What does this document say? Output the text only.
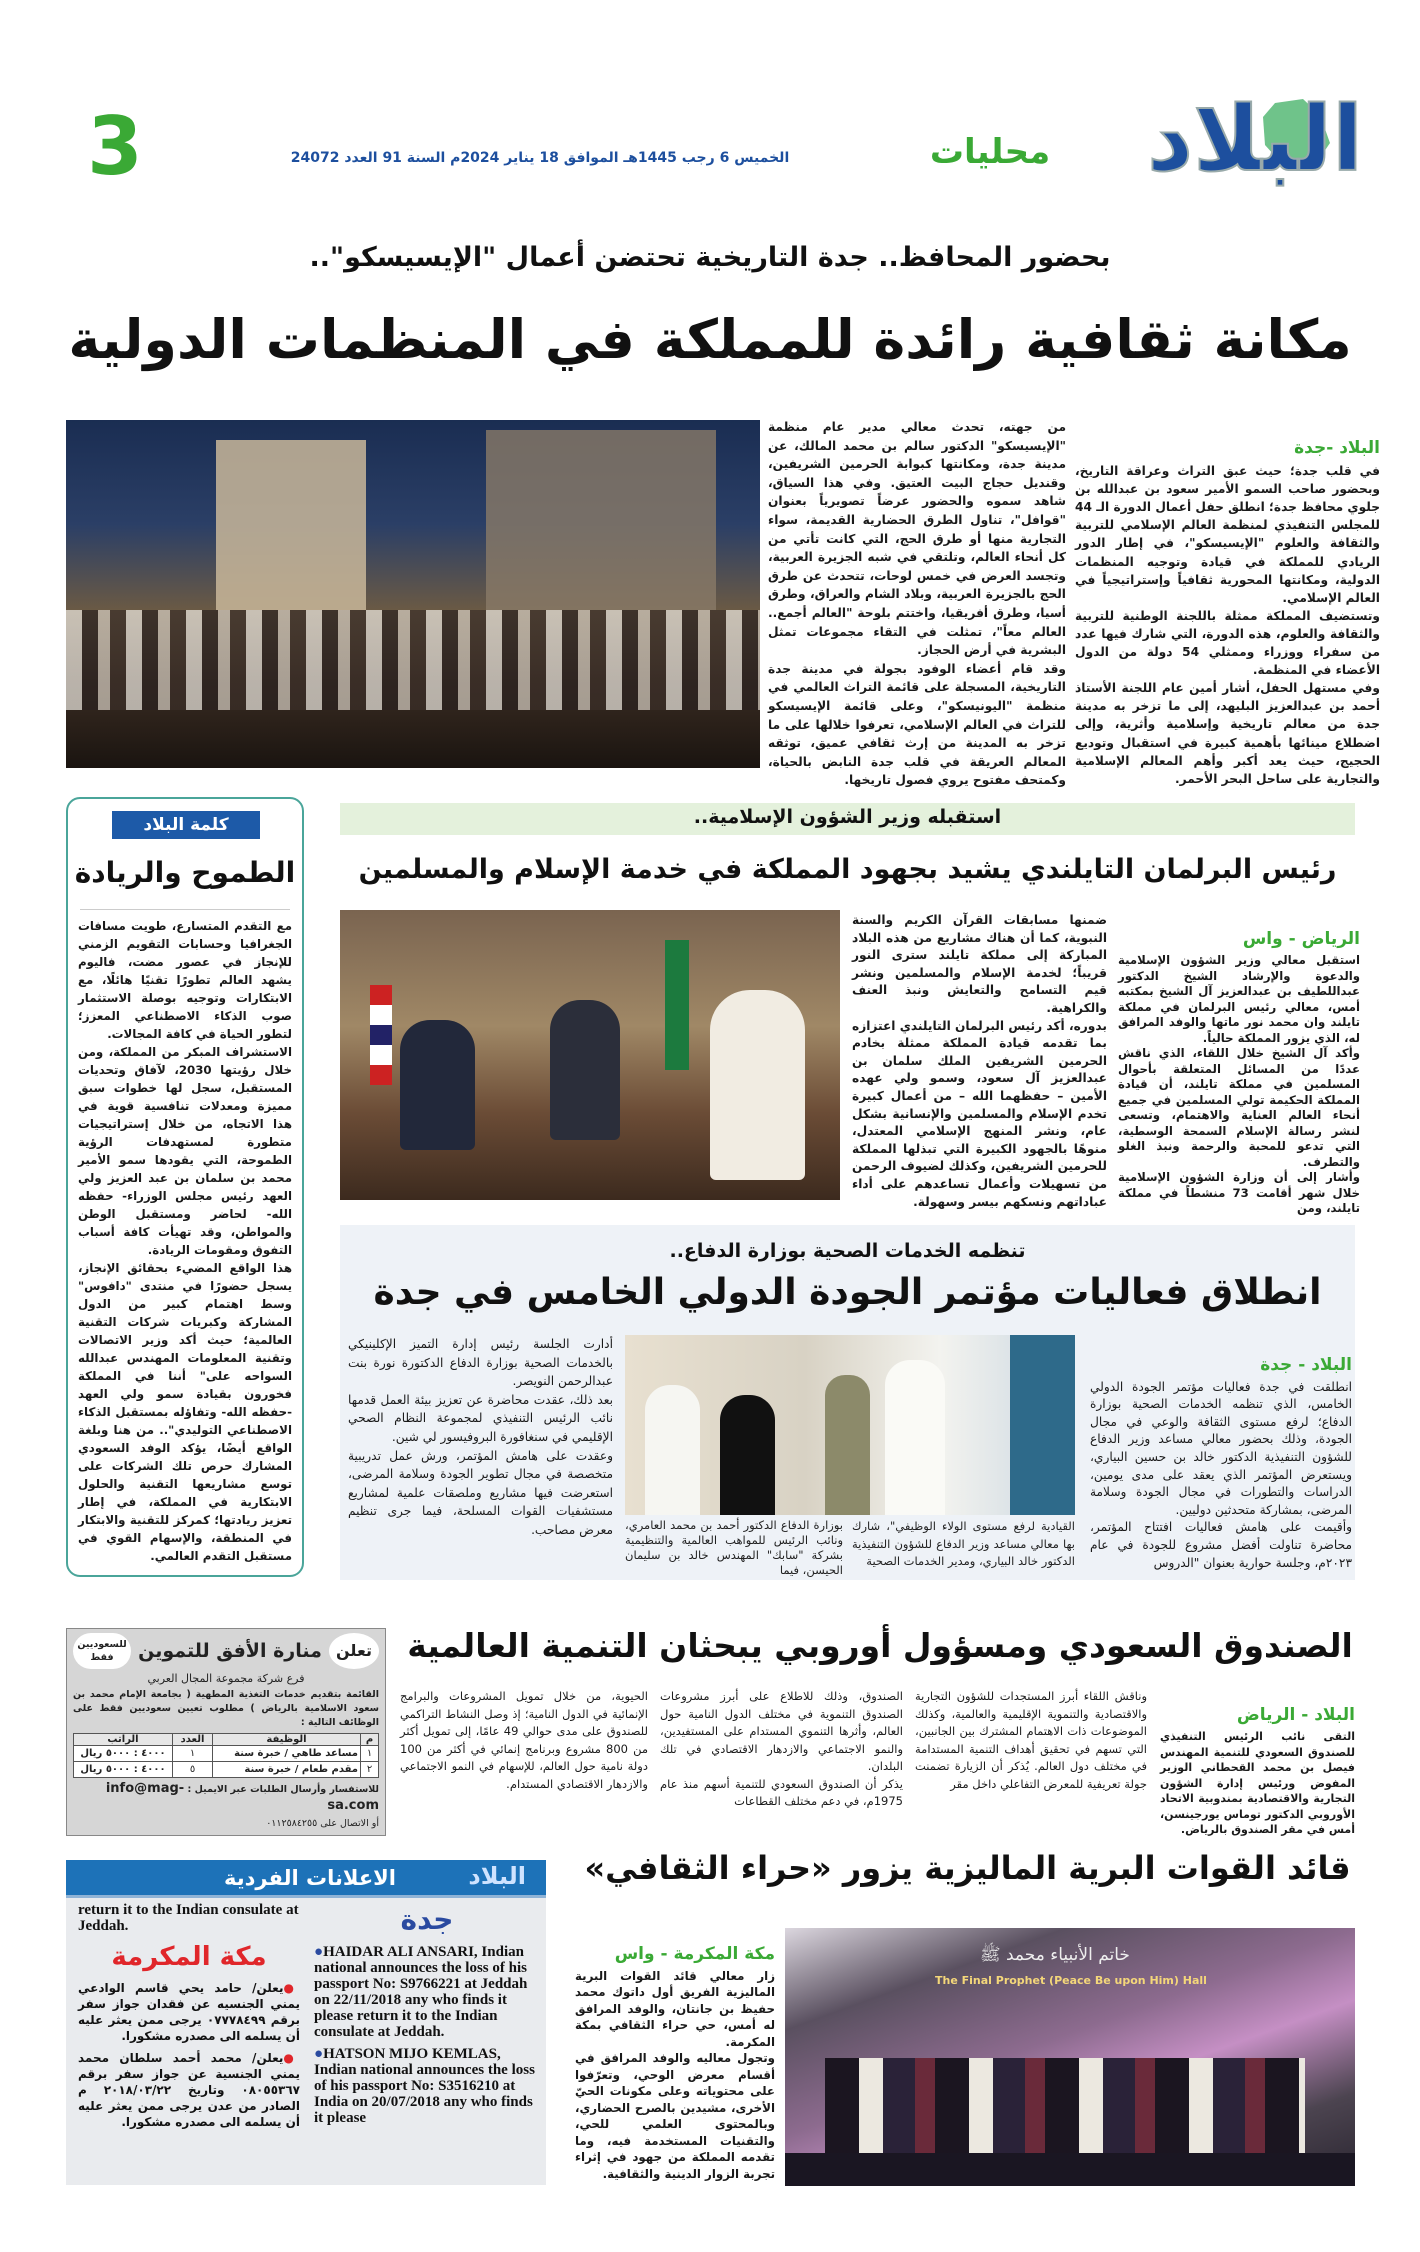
البلاد
محليات
الخميس 6 رجب 1445هـ الموافق 18 يناير 2024م السنة 91 العدد 24072
3
بحضور المحافظ.. جدة التاريخية تحتضن أعمال "الإيسيسكو"..
مكانة ثقافية رائدة للمملكة في المنظمات الدولية

البلاد -جدة
في قلب جدة؛ حيث عبق التراث وعراقة التاريخ، وبحضور صاحب السمو الأمير سعود بن عبدالله بن جلوي محافظ جدة؛ انطلق حفل أعمال الدورة الـ 44 للمجلس التنفيذي لمنظمة العالم الإسلامي للتربية والثقافة والعلوم "الإيسيسكو"، في إطار الدور الريادي للمملكة في قيادة وتوجيه المنظمات الدولية، ومكانتها المحورية ثقافياً وإستراتيجياً في العالم الإسلامي.
وتستضيف المملكة ممثلة باللجنة الوطنية للتربية والثقافة والعلوم، هذه الدورة، التي شارك فيها عدد من سفراء ووزراء وممثلي 54 دولة من الدول الأعضاء في المنظمة.
وفي مستهل الحفل، أشار أمين عام اللجنة الأستاذ أحمد بن عبدالعزيز البليهد، إلى ما تزخر به مدينة جدة من معالم تاريخية وإسلامية وأثرية، وإلى اضطلاع مينائها بأهمية كبيرة في استقبال وتوديع الحجيج، حيث يعد أكبر وأهم المعالم الإسلامية والتجارية على ساحل البحر الأحمر.

من جهته، تحدث معالي مدير عام منظمة "الإيسيسكو" الدكتور سالم بن محمد المالك، عن مدينة جدة، ومكانتها كبوابة الحرمين الشريفين، وقنديل حجاج البيت العتيق. وفي هذا السياق، شاهد سموه والحضور عرضاً تصويرياً بعنوان "قوافل"، تناول الطرق الحضارية القديمة، سواء التجارية منها أو طرق الحج، التي كانت تأتي من كل أنحاء العالم، وتلتقي في شبه الجزيرة العربية، وتجسد العرض في خمس لوحات، تتحدث عن طرق الحج بالجزيرة العربية، وبلاد الشام والعراق، وطرق أسيا، وطرق أفريقيا، واختتم بلوحة "العالم أجمع.. العالم معاً"، تمثلت في التقاء مجموعات تمثل البشرية في أرض الحجاز.
وقد قام أعضاء الوفود بجولة في مدينة جدة التاريخية، المسجلة على قائمة التراث العالمي في منظمة "اليونيسكو"، وعلى قائمة الإيسيسكو للتراث في العالم الإسلامي، تعرفوا خلالها على ما تزخر به المدينة من إرث ثقافي عميق، توثقه المعالم العريقة في قلب جدة النابض بالحياة، وكمتحف مفتوح يروي فصول تاريخها.
كلمة البلاد
الطموح والريادة
مع التقدم المتسارع، طويت مسافات الجغرافيا وحسابات التقويم الزمني للإنجاز في عصور مضت، فاليوم يشهد العالم تطورًا تقنيًا هائلًا، مع الابتكارات وتوجيه بوصلة الاستثمار صوب الذكاء الاصطناعي المعزز؛ لتطور الحياة في كافة المجالات.
الاستشراف المبكر من المملكة، ومن خلال رؤيتها 2030، لآفاق وتحديات المستقبل، سجل لها خطوات سبق مميزة ومعدلات تنافسية قوية في هذا الاتجاه، من خلال إستراتيجيات متطورة لمستهدفات الرؤية الطموحة، التي يقودها سمو الأمير محمد بن سلمان بن عبد العزيز ولي العهد رئيس مجلس الوزراء- حفظه الله- لحاضر ومستقبل الوطن والمواطن، وقد تهيأت كافة أسباب التفوق ومقومات الريادة.
هذا الواقع المضيء بحقائق الإنجاز، يسجل حضورًا في منتدى "دافوس" وسط اهتمام كبير من الدول المشاركة وكبريات شركات التقنية العالمية؛ حيث أكد وزير الاتصالات وتقنية المعلومات المهندس عبدالله السواحه على" أننا في المملكة فخورون بقيادة سمو ولي العهد -حفظه الله- وتفاؤله بمستقبل الذكاء الاصطناعي التوليدي".. من هنا وبلغة الواقع أيضًا، يؤكد الوفد السعودي المشارك حرص تلك الشركات على توسع مشاريعها التقنية والحلول الابتكارية في المملكة، في إطار تعزيز ريادتها؛ كمركز للتقنية والابتكار في المنطقة، والإسهام القوي في مستقبل التقدم العالمي.
استقبله وزير الشؤون الإسلامية..
رئيس البرلمان التايلندي يشيد بجهود المملكة في خدمة الإسلام والمسلمين

الرياض - واس
استقبل معالي وزير الشؤون الإسلامية والدعوة والإرشاد الشيخ الدكتور عبداللطيف بن عبدالعزيز آل الشيخ بمكتبه أمس، معالي رئيس البرلمان في مملكة تايلند وان محمد نور ماتها والوفد المرافق له، الذي يزور المملكة حالياً.
وأكد آل الشيخ خلال اللقاء، الذي ناقش عددًا من المسائل المتعلقة بأحوال المسلمين في مملكة تايلند، أن قيادة المملكة الحكيمة تولي المسلمين في جميع أنحاء العالم العناية والاهتمام، وتسعى لنشر رسالة الإسلام السمحة الوسطية، التي تدعو للمحبة والرحمة ونبذ الغلو والتطرف.
وأشار إلى أن وزارة الشؤون الإسلامية خلال شهر أقامت 73 منشطاً في مملكة تايلند، ومن

ضمنها مسابقات القرآن الكريم والسنة النبوية، كما أن هناك مشاريع من هذه البلاد المباركة إلى مملكة تايلند سترى النور قريباً؛ لخدمة الإسلام والمسلمين ونشر قيم التسامح والتعايش ونبذ العنف والكراهية.
بدوره، أكد رئيس البرلمان التايلندي اعتزازه بما تقدمه قيادة المملكة ممثلة بخادم الحرمين الشريفين الملك سلمان بن عبدالعزيز آل سعود، وسمو ولي عهده الأمين – حفظهما الله – من أعمال كبيرة تخدم الإسلام والمسلمين والإنسانية بشكل عام، ونشر المنهج الإسلامي المعتدل، منوهًا بالجهود الكبيرة التي تبذلها المملكة للحرمين الشريفين، وكذلك لضيوف الرحمن من تسهيلات وأعمال تساعدهم على أداء عباداتهم ونسكهم بيسر وسهولة.
تنظمه الخدمات الصحية بوزارة الدفاع..
انطلاق فعاليات مؤتمر الجودة الدولي الخامس في جدة
القيادية لرفع مستوى الولاء الوظيفي"، شارك بها معالي مساعد وزير الدفاع للشؤون التنفيذية الدكتور خالد البياري، ومدير الخدمات الصحية
بوزارة الدفاع الدكتور أحمد بن محمد العامري، ونائب الرئيس للمواهب العالمية والتنظيمية بشركة "سابك" المهندس خالد بن سليمان الحيسن، فيما

البلاد - جدة
انطلقت في جدة فعاليات مؤتمر الجودة الدولي الخامس، الذي تنظمه الخدمات الصحية بوزارة الدفاع؛ لرفع مستوى الثقافة والوعي في مجال الجودة، وذلك بحضور معالي مساعد وزير الدفاع للشؤون التنفيذية الدكتور خالد بن حسين البياري، ويستعرض المؤتمر الذي يعقد على مدى يومين، الدراسات والتطورات في مجال الجودة وسلامة المرضى، بمشاركة متحدثين دوليين.
وأقيمت على هامش فعاليات افتتاح المؤتمر، محاضرة تناولت أفضل مشروع للجودة في عام ٢٠٢٣م، وجلسة حوارية بعنوان "الدروس

أدارت الجلسة رئيس إدارة التميز الإكلينيكي بالخدمات الصحية بوزارة الدفاع الدكتورة نورة بنت عبدالرحمن النويصر.
بعد ذلك، عقدت محاضرة عن تعزيز بيئة العمل قدمها نائب الرئيس التنفيذي لمجموعة النظام الصحي الإقليمي في سنغافورة البروفيسور لي شين.
وعقدت على هامش المؤتمر، ورش عمل تدريبية متخصصة في مجال تطوير الجودة وسلامة المرضى، استعرضت فيها مشاريع وملصقات علمية لمشاريع مستشفيات القوات المسلحة، فيما جرى تنظيم معرض مصاحب.
تعلن
منارة الأفق للتموين
للسعوديين فقط
فرع شركة مجموعة المجال العربي
القائمة بتقديم خدمات التغذية المطهية ( بجامعة الإمام محمد بن سعود الاسلامية بالرياض ) مطلوب تعيين سعوديين فقط على الوظائف التالية :
م	الوظيفة	العدد	الراتب
١	مساعد طاهي / خبرة سنة	١	٤٠٠٠ : ٥٠٠٠ ريال
٢	مقدم طعام / خبرة سنة	٥	٤٠٠٠ : ٥٠٠٠ ريال
للاستفسار وأرسال الطلبات عبر الايميل : info@mag-sa.com
أو الاتصال على ٠١١٢٥٨٤٢٥٥
الصندوق السعودي ومسؤول أوروبي يبحثان التنمية العالمية

البلاد - الرياض
التقى نائب الرئيس التنفيذي للصندوق السعودي للتنمية المهندس فيصل بن محمد القحطاني الوزير المفوض ورئيس إدارة الشؤون التجارية والاقتصادية بمندوبية الاتحاد الأوروبي الدكتور توماس يورجينسن، أمس في مقر الصندوق بالرياض.

وناقش اللقاء أبرز المستجدات للشؤون التجارية والاقتصادية والتنموية الإقليمية والعالمية، وكذلك الموضوعات ذات الاهتمام المشترك بين الجانبين، التي تسهم في تحقيق أهداف التنمية المستدامة في مختلف دول العالم. يُذكر أن الزيارة تضمنت جولة تعريفية للمعرض التفاعلي داخل مقر
الصندوق، وذلك للاطلاع على أبرز مشروعات الصندوق التنموية في مختلف الدول النامية حول العالم، وأثرها التنموي المستدام على المستفيدين، والنمو الاجتماعي والازدهار الاقتصادي في تلك البلدان.
يذكر أن الصندوق السعودي للتنمية أسهم منذ عام 1975م، في دعم مختلف القطاعات
الحيوية، من خلال تمويل المشروعات والبرامج الإنمائية في الدول النامية؛ إذ وصل النشاط التراكمي للصندوق على مدى حوالي 49 عامًا، إلى تمويل أكثر من 800 مشروع وبرنامج إنمائي في أكثر من 100 دولة نامية حول العالم، للإسهام في النمو الاجتماعي والازدهار الاقتصادي المستدام.
البلاد
الاعلانات الفردية
جدة
●HAIDAR ALI ANSARI, Indian national announces the loss of his passport No: S9766221 at Jeddah on 22/11/2018 any who finds it please return it to the Indian consulate at Jeddah.
●HATSON MIJO KEMLAS, Indian national announces the loss of his passport No: S3516210 at India on 20/07/2018 any who finds it please
return it to the Indian consulate at Jeddah.
مكة المكرمة
●يعلن/ حامد يحي قاسم الوادعي يمني الجنسيه عن فقدان جواز سفر برقم ٠٧٧٧٨٤٩٩ يرجى ممن يعثر عليه أن يسلمه الى مصدره مشكورا.
●يعلن/ محمد أحمد سلطان محمد يمني الجنسية عن جواز سفر برقم ٠٨٠٥٥٣٦٧ وتاريخ ٢٠١٨/٠٣/٢٢ م الصادر من عدن يرجى ممن يعثر عليه أن يسلمه الى مصدره مشكورا.
قائد القوات البرية الماليزية يزور «حراء الثقافي»

مكة المكرمة - واس
زار معالي قائد القوات البرية الماليزية الفريق أول داتوك محمد حفيظ بن جانتان، والوفد المرافق له أمس، حي حراء الثقافي بمكة المكرمة.
وتجول معاليه والوفد المرافق في أقسام معرض الوحي، وتعرّفوا على محتوياته وعلى مكونات الحيّ الأخرى، مشيدين بالصرح الحضاري، وبالمحتوى العلمي للحي، والتقنيات المستخدمة فيه، وما تقدمه المملكة من جهود في إثراء تجربة الزوار الدينية والثقافية.

خاتم الأنبياء محمد ﷺ
The Final Prophet (Peace Be upon Him) Hall
